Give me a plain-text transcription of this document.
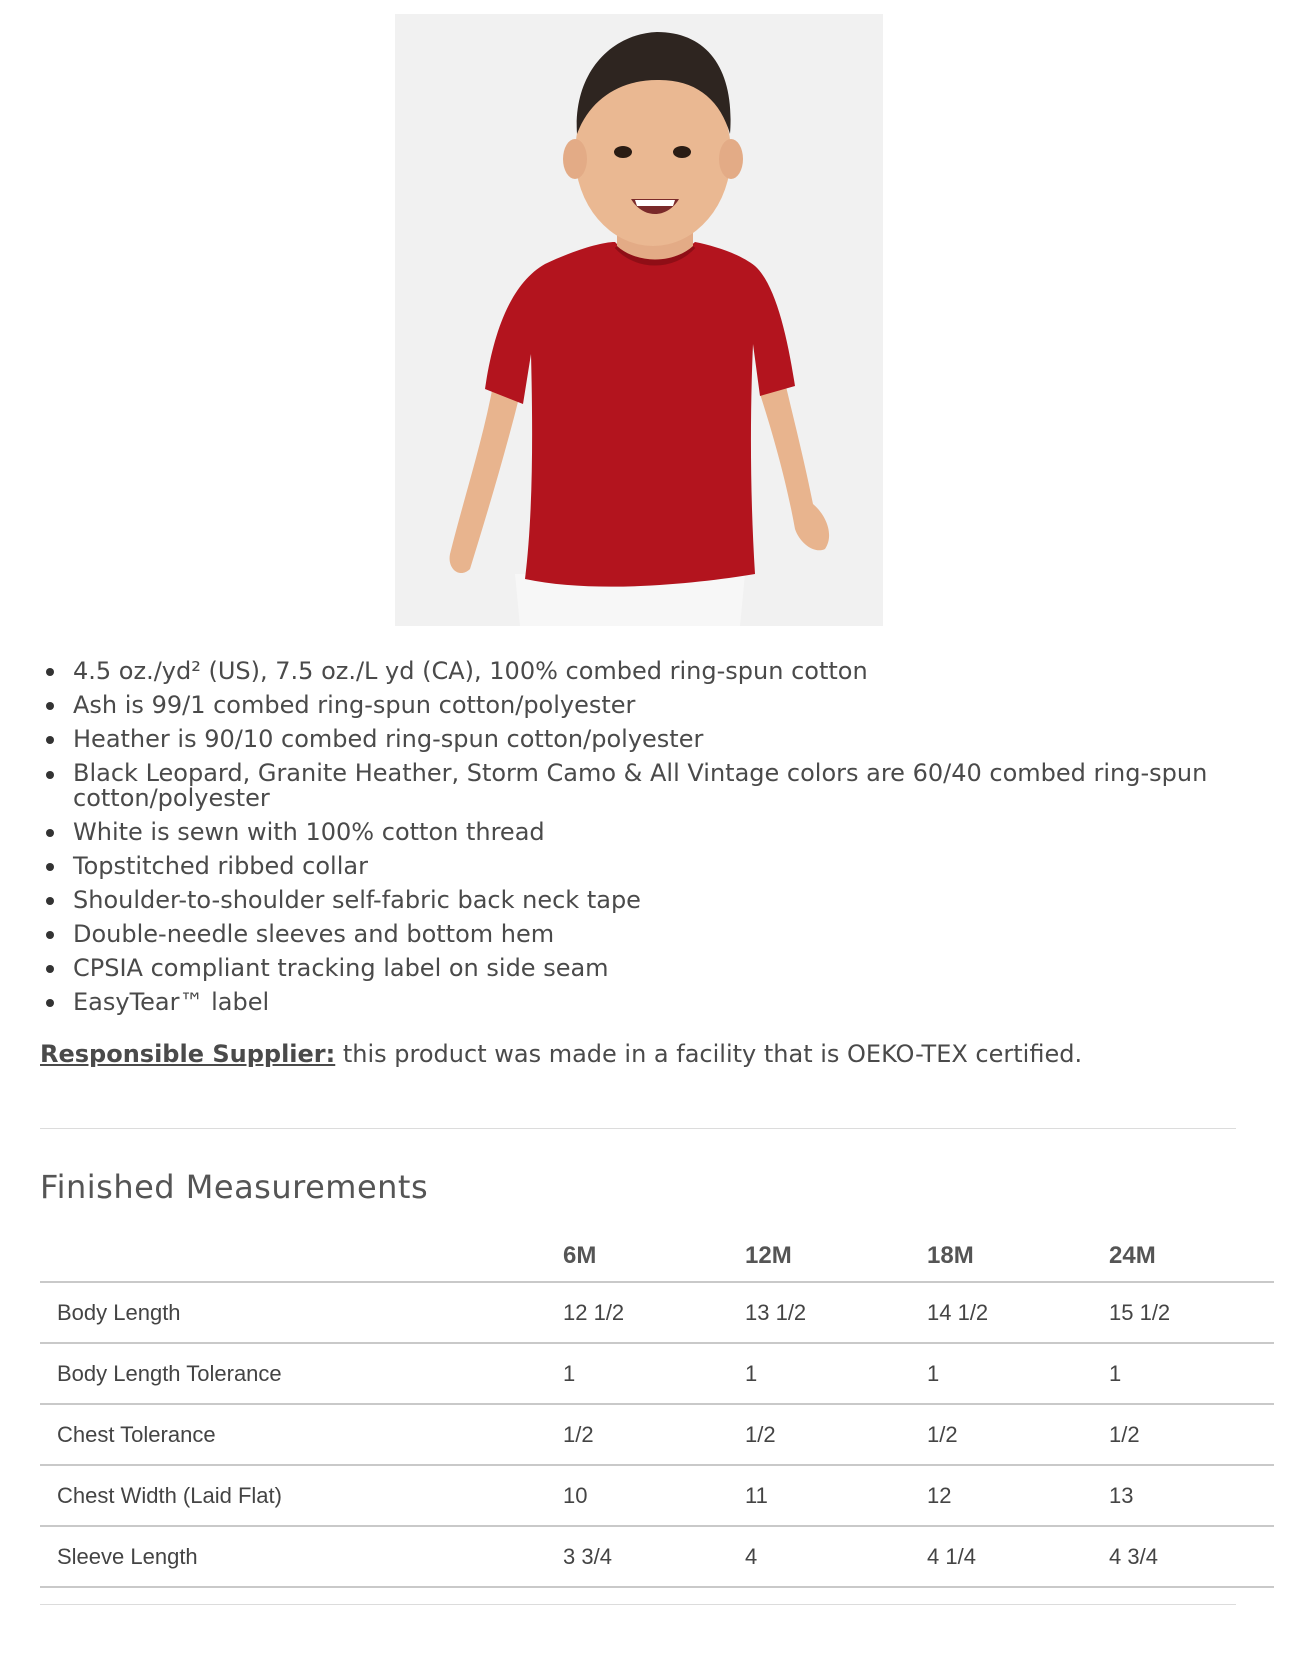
4.5 oz./yd² (US), 7.5 oz./L yd (CA), 100% combed ring-spun cotton
Ash is 99/1 combed ring-spun cotton/polyester
Heather is 90/10 combed ring-spun cotton/polyester
Black Leopard, Granite Heather, Storm Camo & All Vintage colors are 60/40 combed ring-spun cotton/polyester
White is sewn with 100% cotton thread
Topstitched ribbed collar
Shoulder-to-shoulder self-fabric back neck tape
Double-needle sleeves and bottom hem
CPSIA compliant tracking label on side seam
EasyTear™ label

Responsible Supplier: this product was made in a facility that is OEKO-TEX certified.

Finished Measurements
	6M	12M	18M	24M
Body Length	12 1/2	13 1/2	14 1/2	15 1/2
Body Length Tolerance	1	1	1	1
Chest Tolerance	1/2	1/2	1/2	1/2
Chest Width (Laid Flat)	10	11	12	13
Sleeve Length	3 3/4	4	4 1/4	4 3/4
